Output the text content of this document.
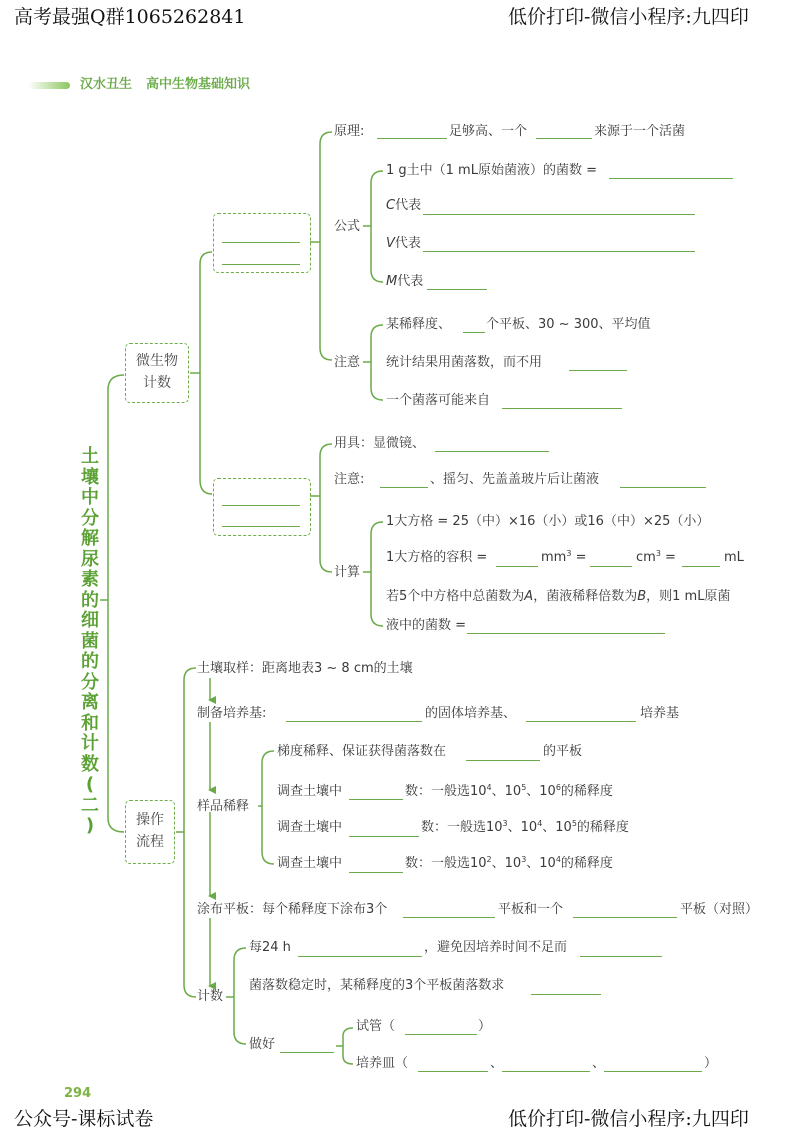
高考最强Q群1065262841	低价打印-微信小程序:九四印
公众号-课标试卷	低价打印-微信小程序:九四印
294
汉水丑生 高中生物基础知识
土
壤
中
分
解
尿
素
的
细
菌
的
分
离
和
计
数
(
二
)
微生物
计数
操作
流程
原理:	足够高、一个	来源于一个活菌
公式
1 g土中（1 mL原始菌液）的菌数 =
C代表
V代表
M代表
注意
某稀释度、	个平板、30 ~ 300、平均值
统计结果用菌落数，而不用
一个菌落可能来自
用具：显微镜、
注意:	、摇匀、先盖盖玻片后让菌液
计算
1大方格 = 25（中）×16（小）或16（中）×25（小）
1大方格的容积 =	$mm^3$ =	$cm^3$ =	mL
若5个中方格中总菌数为A，菌液稀释倍数为B，则1 mL原菌
液中的菌数 =
土壤取样：距离地表3 ~ 8 cm的土壤
制备培养基:	的固体培养基、	培养基
样品稀释
梯度稀释、保证获得菌落数在	的平板
调查土壤中	数：一般选$10^4$、$10^5$、$10^6$的稀释度
调查土壤中	数：一般选$10^3$、$10^4$、$10^5$的稀释度
调查土壤中	数：一般选$10^2$、$10^3$、$10^4$的稀释度
涂布平板：每个稀释度下涂布3个	平板和一个	平板（对照）
计数
每24 h	，避免因培养时间不足而
菌落数稳定时，某稀释度的3个平板菌落数求
做好
试管（	）
培养皿（	、	、	）
